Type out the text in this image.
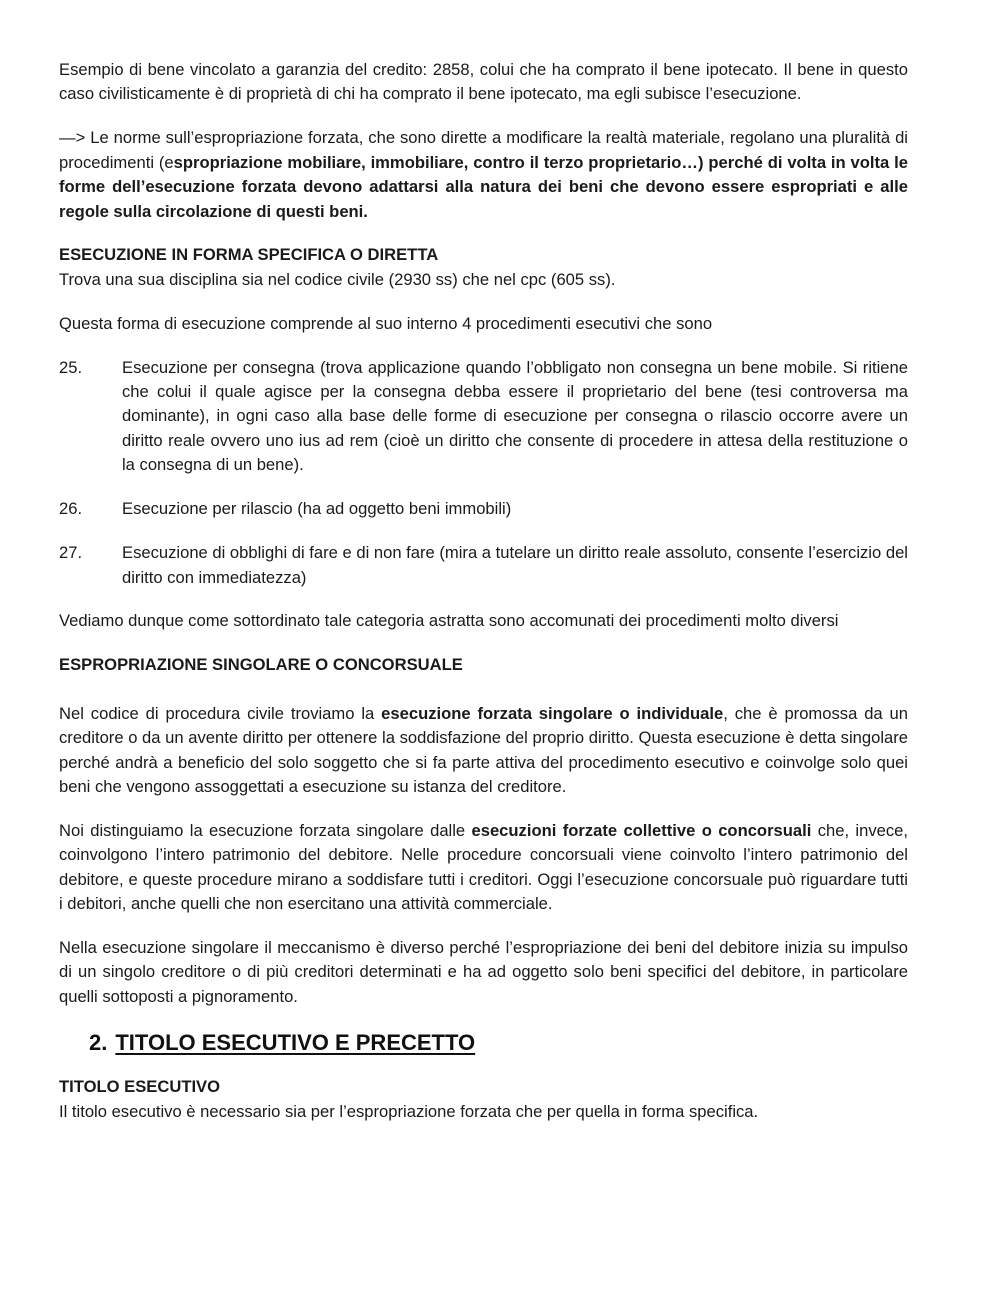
Esempio di bene vincolato a garanzia del credito: 2858, colui che ha comprato il bene ipotecato. Il bene in questo caso civilisticamente è di proprietà di chi ha comprato il bene ipotecato, ma egli subisce l’esecuzione.

—> Le norme sull’espropriazione forzata, che sono dirette a modificare la realtà materiale, regolano una pluralità di procedimenti (espropriazione mobiliare, immobiliare, contro il terzo proprietario…) perché di volta in volta le forme dell’esecuzione forzata devono adattarsi alla natura dei beni che devono essere espropriati e alle regole sulla circolazione di questi beni.

ESECUZIONE IN FORMA SPECIFICA O DIRETTA

Trova una sua disciplina sia nel codice civile (2930 ss) che nel cpc (605 ss).

Questa forma di esecuzione comprende al suo interno 4 procedimenti esecutivi che sono

25.	Esecuzione per consegna (trova applicazione quando l’obbligato non consegna un bene mobile. Si ritiene che colui il quale agisce per la consegna debba essere il proprietario del bene (tesi controversa ma dominante), in ogni caso alla base delle forme di esecuzione per consegna o rilascio occorre avere un diritto reale ovvero uno ius ad rem (cioè un diritto che consente di procedere in attesa della restituzione o la consegna di un bene).
26.	Esecuzione per rilascio (ha ad oggetto beni immobili)
27.	Esecuzione di obblighi di fare e di non fare (mira a tutelare un diritto reale assoluto, consente l’esercizio del diritto con immediatezza)

Vediamo dunque come sottordinato tale categoria astratta sono accomunati dei procedimenti molto diversi

ESPROPRIAZIONE SINGOLARE O CONCORSUALE

Nel codice di procedura civile troviamo la esecuzione forzata singolare o individuale, che è promossa da un creditore o da un avente diritto per ottenere la soddisfazione del proprio diritto. Questa esecuzione è detta singolare perché andrà a beneficio del solo soggetto che si fa parte attiva del procedimento esecutivo e coinvolge solo quei beni che vengono assoggettati a esecuzione su istanza del creditore.

Noi distinguiamo la esecuzione forzata singolare dalle esecuzioni forzate collettive o concorsuali che, invece, coinvolgono l’intero patrimonio del debitore. Nelle procedure concorsuali viene coinvolto l’intero patrimonio del debitore, e queste procedure mirano a soddisfare tutti i creditori. Oggi l’esecuzione concorsuale può riguardare tutti i debitori, anche quelli che non esercitano una attività commerciale.

Nella esecuzione singolare il meccanismo è diverso perché l’espropriazione dei beni del debitore inizia su impulso di un singolo creditore o di più creditori determinati e ha ad oggetto solo beni specifici del debitore, in particolare quelli sottoposti a pignoramento.

2. TITOLO ESECUTIVO E PRECETTO

TITOLO ESECUTIVO

Il titolo esecutivo è necessario sia per l’espropriazione forzata che per quella in forma specifica.
